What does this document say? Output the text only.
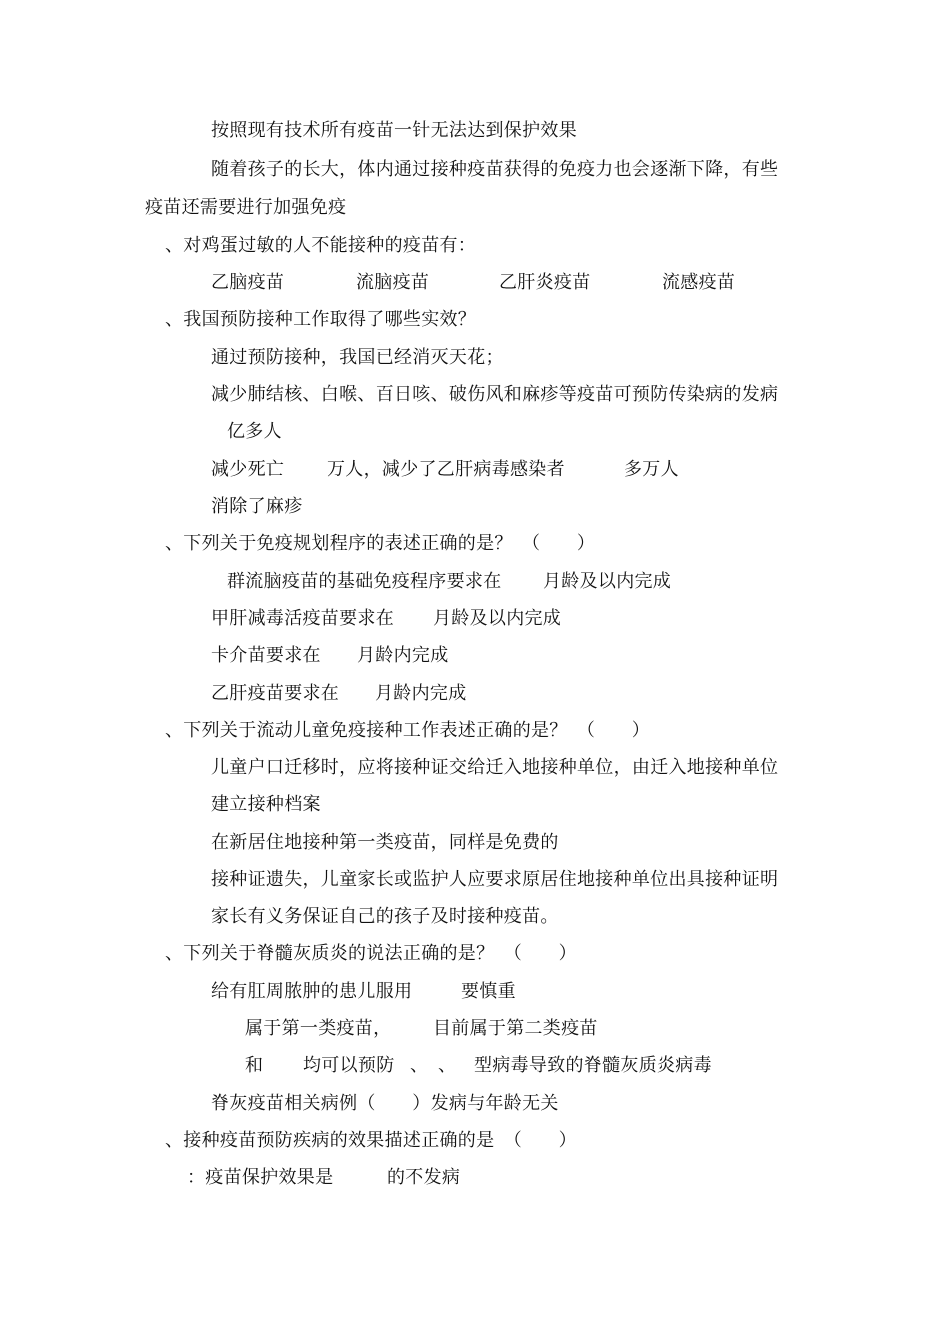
按照现有技术所有疫苗一针无法达到保护效果
随着孩子的长大，体内通过接种疫苗获得的免疫力也会逐渐下降，有些
疫苗还需要进行加强免疫
、对鸡蛋过敏的人不能接种的疫苗有：
乙脑疫苗	流脑疫苗	乙肝炎疫苗	流感疫苗
、我国预防接种工作取得了哪些实效？
通过预防接种，我国已经消灭天花；
减少肺结核、白喉、百日咳、破伤风和麻疹等疫苗可预防传染病的发病
亿多人
减少死亡 万人，减少了乙肝病毒感染者	多万人
消除了麻疹
、下列关于免疫规划程序的表述正确的是？　（　　）
群流脑疫苗的基础免疫程序要求在 月龄及以内完成
甲肝减毒活疫苗要求在 月龄及以内完成
卡介苗要求在 月龄内完成
乙肝疫苗要求在 月龄内完成
、下列关于流动儿童免疫接种工作表述正确的是？　（　　）
儿童户口迁移时，应将接种证交给迁入地接种单位，由迁入地接种单位
建立接种档案
在新居住地接种第一类疫苗，同样是免费的
接种证遗失，儿童家长或监护人应要求原居住地接种单位出具接种证明
家长有义务保证自己的孩子及时接种疫苗。
、下列关于脊髓灰质炎的说法正确的是？　（　　）
给有肛周脓肿的患儿服用	要慎重
属于第一类疫苗， 目前属于第二类疫苗
和 均可以预防 、 、 型病毒导致的脊髓灰质炎病毒
脊灰疫苗相关病例（　　）发病与年龄无关
、接种疫苗预防疾病的效果描述正确的是　（　　）
：疫苗保护效果是	的不发病
